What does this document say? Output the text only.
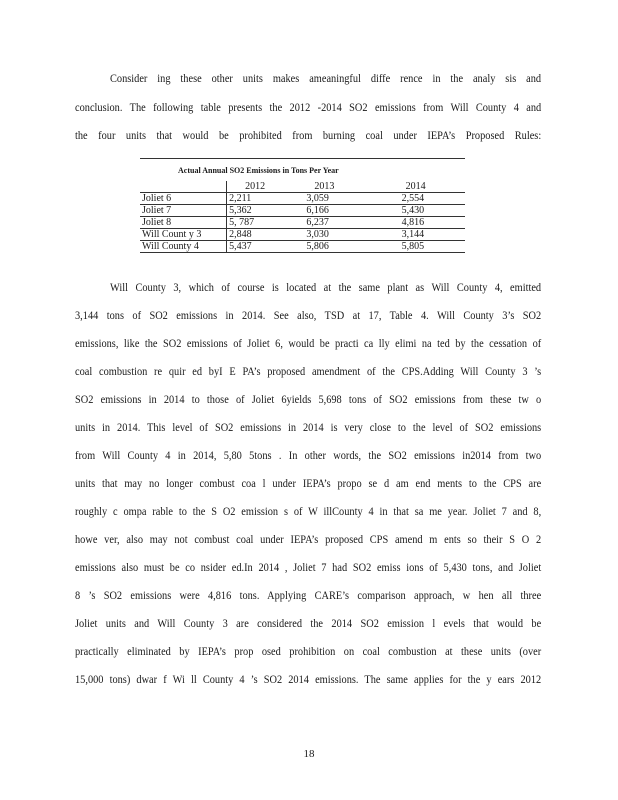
Consider ing these other units makes ameaningful diffe rence in the analy sis and
conclusion. The following table presents the 2012 -2014 SO2 emissions from Will County 4 and
the four units that would be prohibited from burning coal under IEPA’s Proposed Rules:
Actual Annual SO2 Emissions in Tons Per Year			
	2012	2013	2014

Joliet 6	2,211	3,059	2,554
Joliet 7	5,362	6,166	5,430
Joliet 8	5, 787	6,237	4,816
Will Count y 3	2,848	3,030	3,144
Will County 4	5,437	5,806	5,805
Will County 3, which of course is located at the same plant as Will County 4, emitted
3,144 tons of SO2 emissions in 2014. See also, TSD at 17, Table 4. Will County 3’s SO2
emissions, like the SO2 emissions of Joliet 6, would be practi ca lly elimi na ted by the cessation of
coal combustion re quir ed byI E PA’s proposed amendment of the CPS.Adding Will County 3 ’s
SO2 emissions in 2014 to those of Joliet 6yields 5,698 tons of SO2 emissions from these tw o
units in 2014. This level of SO2 emissions in 2014 is very close to the level of SO2 emissions
from Will County 4 in 2014, 5,80 5tons . In other words, the SO2 emissions in2014 from two
units that may no longer combust coa l under IEPA’s propo se d am end ments to the CPS are
roughly c ompa rable to the S O2 emission s of W illCounty 4 in that sa me year. Joliet 7 and 8,
howe ver, also may not combust coal under IEPA’s proposed CPS amend m ents so their S O 2
emissions also must be co nsider ed.In 2014 , Joliet 7 had SO2 emiss ions of 5,430 tons, and Joliet
8 ’s SO2 emissions were 4,816 tons. Applying CARE’s comparison approach, w hen all three
Joliet units and Will County 3 are considered the 2014 SO2 emission l evels that would be
practically eliminated by IEPA’s prop osed prohibition on coal combustion at these units (over
15,000 tons) dwar f Wi ll County 4 ’s SO2 2014 emissions. The same applies for the y ears 2012
18
